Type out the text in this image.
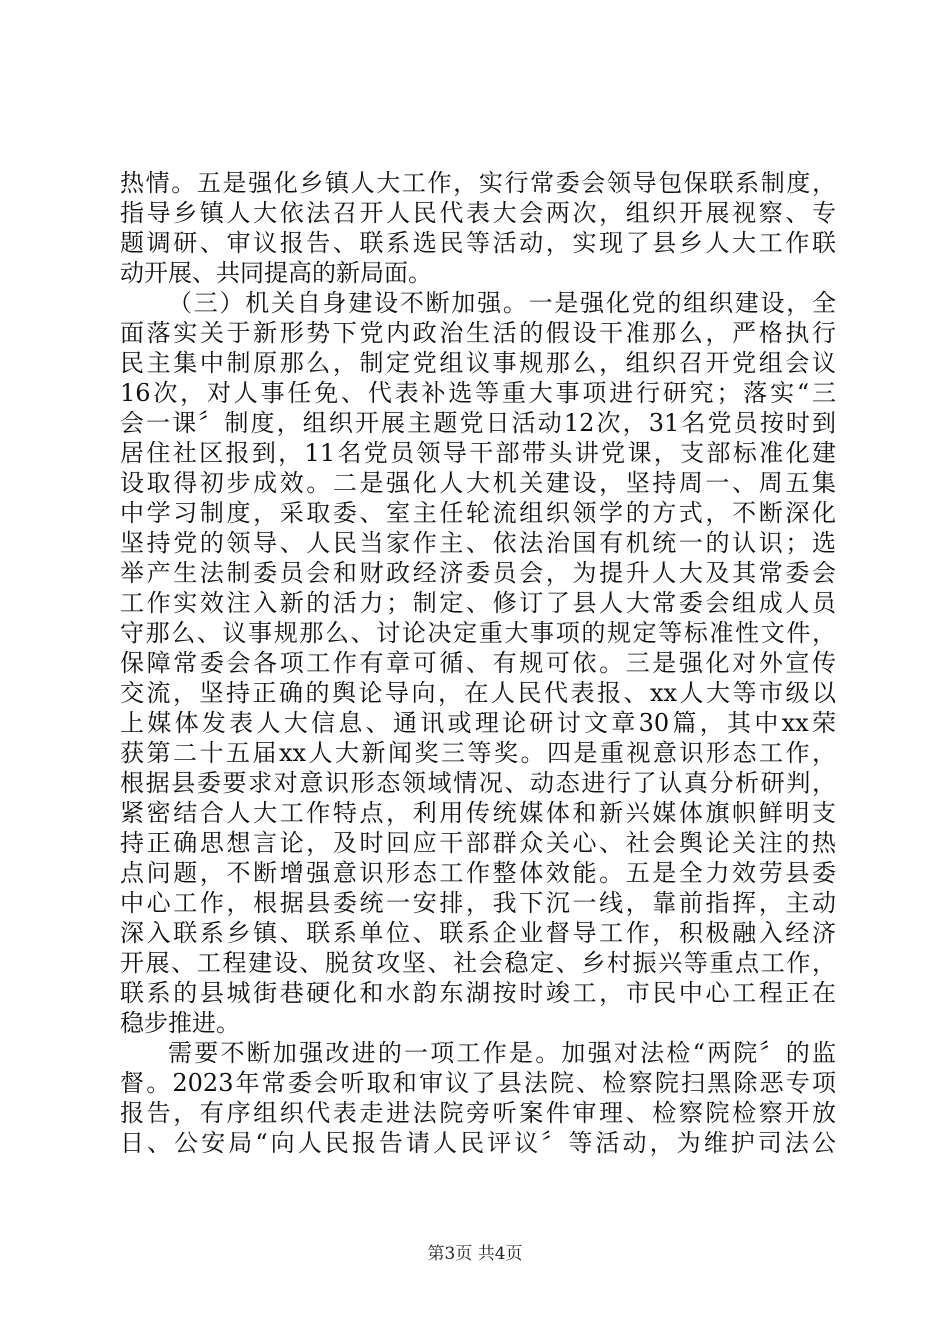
热情。五是强化乡镇人大工作，实行常委会领导包保联系制度，
指导乡镇人大依法召开人民代表大会两次，组织开展视察、专
题调研、审议报告、联系选民等活动，实现了县乡人大工作联
动开展、共同提高的新局面。
（三）机关自身建设不断加强。一是强化党的组织建设，全
面落实关于新形势下党内政治生活的假设干准那么，严格执行
民主集中制原那么，制定党组议事规那么，组织召开党组会议
16次，对人事任免、代表补选等重大事项进行研究；落实“三
会一课〞制度，组织开展主题党日活动12次，31名党员按时到
居住社区报到，11名党员领导干部带头讲党课，支部标准化建
设取得初步成效。二是强化人大机关建设，坚持周一、周五集
中学习制度，采取委、室主任轮流组织领学的方式，不断深化
坚持党的领导、人民当家作主、依法治国有机统一的认识；选
举产生法制委员会和财政经济委员会，为提升人大及其常委会
工作实效注入新的活力；制定、修订了县人大常委会组成人员
守那么、议事规那么、讨论决定重大事项的规定等标准性文件，
保障常委会各项工作有章可循、有规可依。三是强化对外宣传
交流，坚持正确的舆论导向，在人民代表报、xx人大等市级以
上媒体发表人大信息、通讯或理论研讨文章30篇，其中xx荣
获第二十五届xx人大新闻奖三等奖。四是重视意识形态工作，
根据县委要求对意识形态领域情况、动态进行了认真分析研判，
紧密结合人大工作特点，利用传统媒体和新兴媒体旗帜鲜明支
持正确思想言论，及时回应干部群众关心、社会舆论关注的热
点问题，不断增强意识形态工作整体效能。五是全力效劳县委
中心工作，根据县委统一安排，我下沉一线，靠前指挥，主动
深入联系乡镇、联系单位、联系企业督导工作，积极融入经济
开展、工程建设、脱贫攻坚、社会稳定、乡村振兴等重点工作，
联系的县城街巷硬化和水韵东湖按时竣工，市民中心工程正在
稳步推进。
需要不断加强改进的一项工作是。加强对法检“两院〞的监
督。2023年常委会听取和审议了县法院、检察院扫黑除恶专项
报告，有序组织代表走进法院旁听案件审理、检察院检察开放
日、公安局“向人民报告请人民评议〞等活动，为维护司法公
第3页 共4页
